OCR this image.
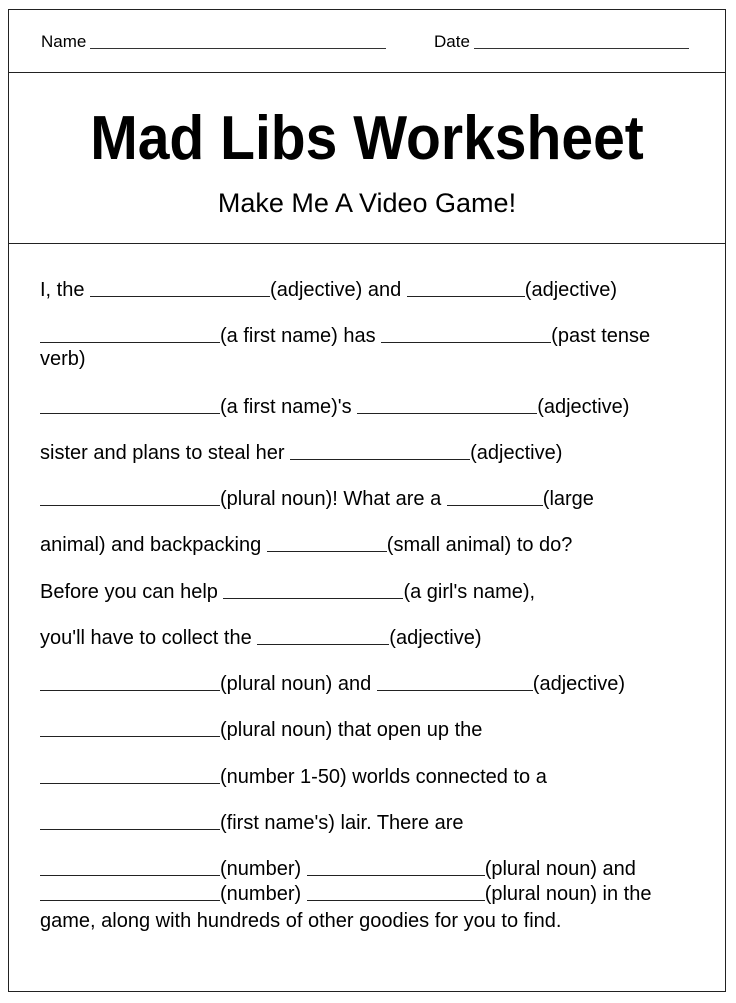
Name	Date
Mad Libs Worksheet
Make Me A Video Game!
I, the	(adjective) and	(adjective)
(a first name) has	(past tense
verb)
(a first name)'s	(adjective)
sister and plans to steal her	(adjective)
(plural noun)! What are a	(large
animal) and backpacking	(small animal) to do?
Before you can help	(a girl's name),
you'll have to collect the	(adjective)
(plural noun) and	(adjective)
(plural noun) that open up the
(number 1-50) worlds connected to a
(first name's) lair. There are
(number)	(plural noun) and
(number)	(plural noun) in the
game, along with hundreds of other goodies for you to find.
